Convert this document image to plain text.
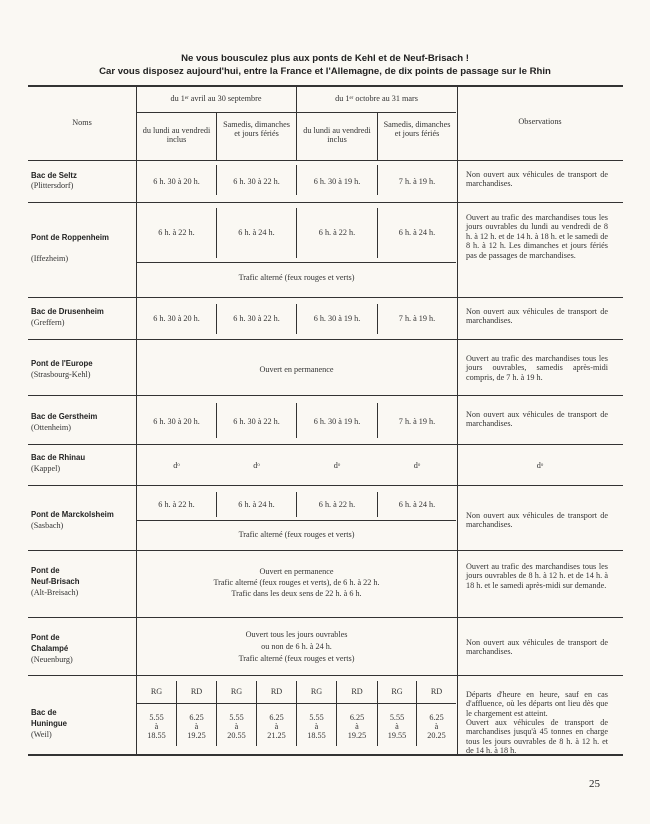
Ne vous bousculez plus aux ponts de Kehl et de Neuf-Brisach !
Car vous disposez aujourd'hui, entre la France et l'Allemagne, de dix points de passage sur le Rhin
Noms
du 1ᵉʳ avril au 30 septembre	du 1ᵉʳ octobre au 31 mars
du lundi au vendredi inclus
Samedis, dimanches et jours fériés	du lundi au vendredi inclus
Samedis, dimanches et jours fériés
Observations
Bac de Seltz
(Plittersdorf)	6 h. 30 à 20 h.	6 h. 30 à 22 h.	6 h. 30 à 19 h.	7 h. à 19 h.
Non ouvert aux véhicules de transport de marchandises.
Pont de Roppenheim
(Iffezheim)
6 h. à 22 h.	6 h. à 24 h.	6 h. à 22 h.	6 h. à 24 h.
Trafic alterné (feux rouges et verts)
Ouvert au trafic des marchandises tous les jours ouvrables du lundi au vendredi de 8 h. à 12 h. et de 14 h. à 18 h. et le samedi de 8 h. à 12 h. Les dimanches et jours fériés pas de passages de marchandises.
Bac de Drusenheim
(Greffern)	6 h. 30 à 20 h.	6 h. 30 à 22 h.	6 h. 30 à 19 h.	7 h. à 19 h.
Non ouvert aux véhicules de transport de marchandises.
Pont de l'Europe
(Strasbourg-Kehl)
Ouvert en permanence
Ouvert au trafic des marchandises tous les jours ouvrables, samedis après-midi compris, de 7 h. à 19 h.
Bac de Gerstheim
(Ottenheim)
6 h. 30 à 20 h.	6 h. 30 à 22 h.	6 h. 30 à 19 h.	7 h. à 19 h.
Non ouvert aux véhicules de transport de marchandises.
Bac de Rhinau
(Kappel)	dᵒ	dᵒ	dᵒ	dᵒ	dᵒ
Pont de Marckolsheim
(Sasbach)
6 h. à 22 h.	6 h. à 24 h.	6 h. à 22 h.	6 h. à 24 h.
Trafic alterné (feux rouges et verts)
Non ouvert aux véhicules de transport de marchandises.
Pont de
Neuf-Brisach
(Alt-Breisach)
Ouvert en permanence
Trafic alterné (feux rouges et verts), de 6 h. à 22 h.
Trafic dans les deux sens de 22 h. à 6 h.
Ouvert au trafic des marchandises tous les jours ouvrables de 8 h. à 12 h. et de 14 h. à 18 h. et le samedi après-midi sur demande.
Pont de
Chalampé
(Neuenburg)
Ouvert tous les jours ouvrables
ou non de 6 h. à 24 h.
Trafic alterné (feux rouges et verts)
Non ouvert aux véhicules de transport de marchandises.
Bac de
Huningue
(Weil)
RG	RD	RG	RD	RG	RD	RG	RD
5.55	6.25	5.55	6.25	5.55	6.25	5.55	6.25
à	à	à	à	à	à	à	à
18.55	19.25	20.55	21.25	18.55	19.25	19.55	20.25
Départs d'heure en heure, sauf en cas d'affluence, où les départs ont lieu dès que le chargement est atteint.
Ouvert aux véhicules de transport de marchandises jusqu'à 45 tonnes en charge tous les jours ouvrables de 8 h. à 12 h. et de 14 h. à 18 h.
25
